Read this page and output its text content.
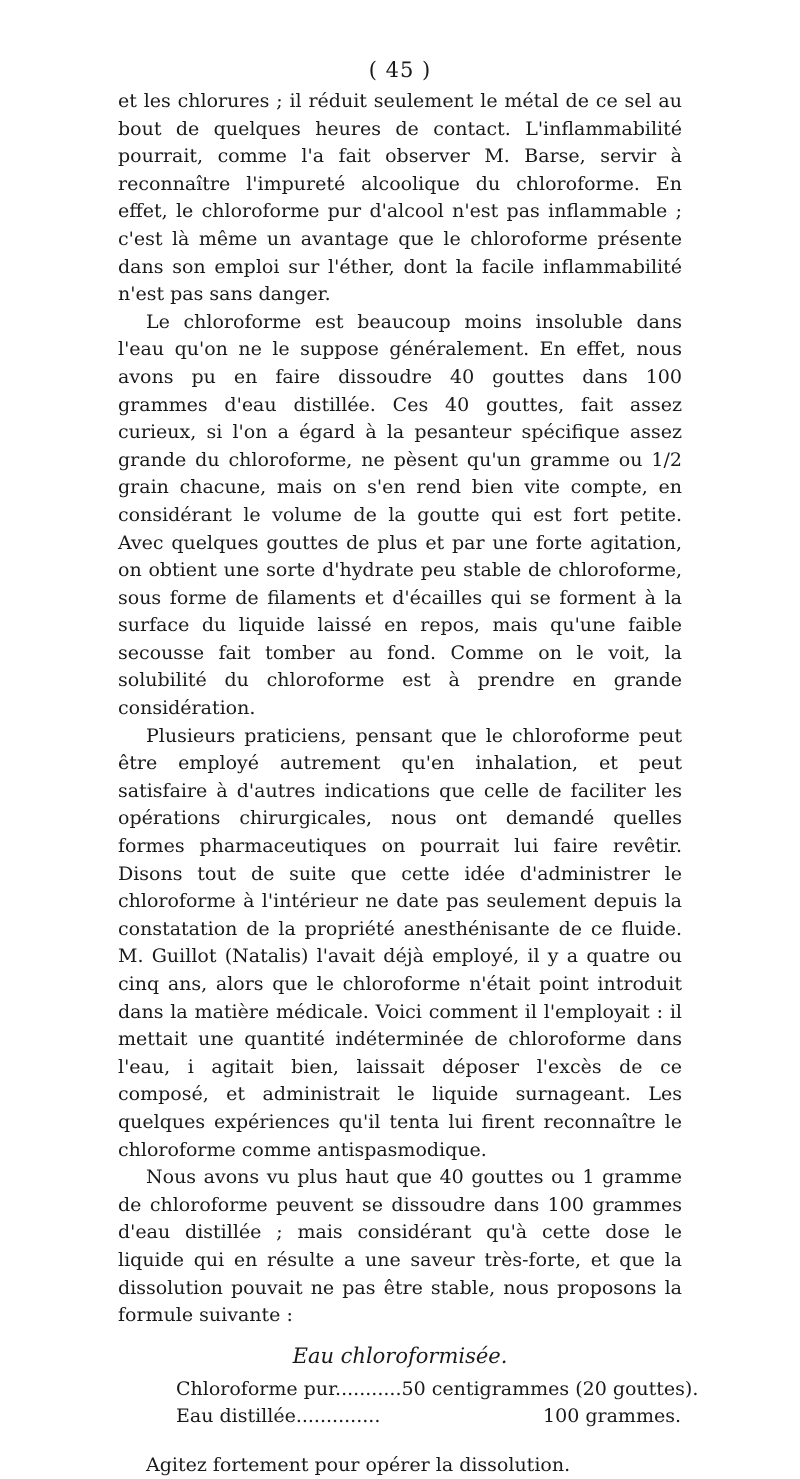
( 45 )

et les chlorures ; il réduit seulement le métal de ce sel au bout de quelques heures de contact. L'inflammabilité pourrait, comme l'a fait observer M. Barse, servir à reconnaître l'impureté alcoolique du chloroforme. En effet, le chloroforme pur d'alcool n'est pas inflammable ; c'est là même un avantage que le chloroforme présente dans son emploi sur l'éther, dont la facile inflammabilité n'est pas sans danger.

Le chloroforme est beaucoup moins insoluble dans l'eau qu'on ne le suppose généralement. En effet, nous avons pu en faire dissoudre 40 gouttes dans 100 grammes d'eau distillée. Ces 40 gouttes, fait assez curieux, si l'on a égard à la pesanteur spécifique assez grande du chloroforme, ne pèsent qu'un gramme ou 1/2 grain chacune, mais on s'en rend bien vite compte, en considérant le volume de la goutte qui est fort petite. Avec quelques gouttes de plus et par une forte agitation, on obtient une sorte d'hydrate peu stable de chloroforme, sous forme de filaments et d'écailles qui se forment à la surface du liquide laissé en repos, mais qu'une faible secousse fait tomber au fond. Comme on le voit, la solubilité du chloroforme est à prendre en grande considération.

Plusieurs praticiens, pensant que le chloroforme peut être employé autrement qu'en inhalation, et peut satisfaire à d'autres indications que celle de faciliter les opérations chirurgicales, nous ont demandé quelles formes pharmaceutiques on pourrait lui faire revêtir. Disons tout de suite que cette idée d'administrer le chloroforme à l'intérieur ne date pas seulement depuis la constatation de la propriété anesthénisante de ce fluide. M. Guillot (Natalis) l'avait déjà employé, il y a quatre ou cinq ans, alors que le chloroforme n'était point introduit dans la matière médicale. Voici comment il l'employait : il mettait une quantité indéterminée de chloroforme dans l'eau, i agitait bien, laissait déposer l'excès de ce composé, et administrait le liquide surnageant. Les quelques expériences qu'il tenta lui firent reconnaître le chloroforme comme antispasmodique.

Nous avons vu plus haut que 40 gouttes ou 1 gramme de chloroforme peuvent se dissoudre dans 100 grammes d'eau distillée ; mais considérant qu'à cette dose le liquide qui en résulte a une saveur très-forte, et que la dissolution pouvait ne pas être stable, nous proposons la formule suivante :

Eau chloroformisée.
Chloroforme pur........... 50 centigrammes (20 gouttes).
Eau distillée..............	100 grammes.
Agitez fortement pour opérer la dissolution.
